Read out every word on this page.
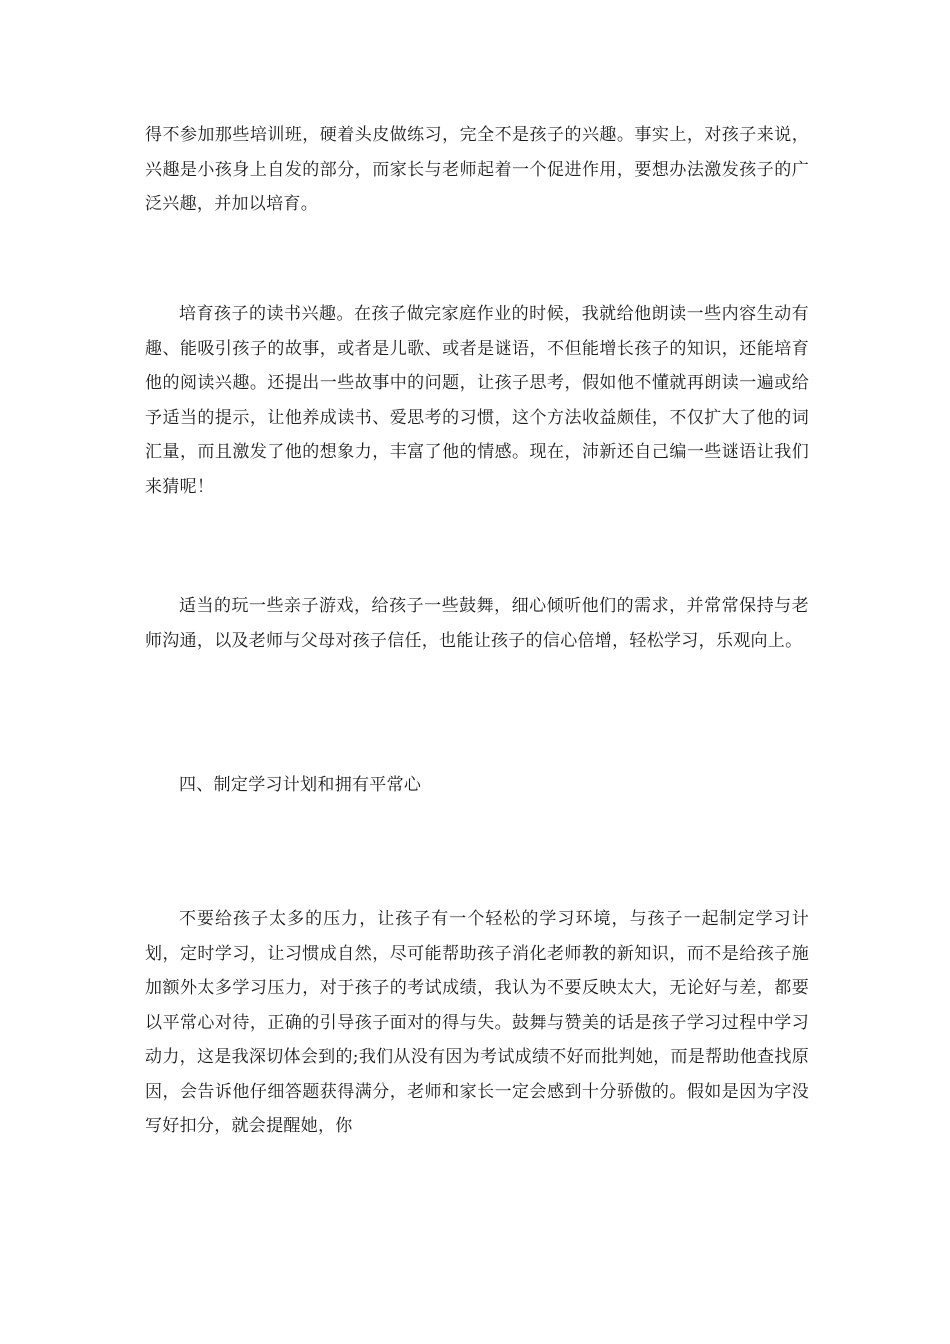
得不参加那些培训班，硬着头皮做练习，完全不是孩子的兴趣。事实上，对孩子来说，兴趣是小孩身上自发的部分，而家长与老师起着一个促进作用，要想办法激发孩子的广泛兴趣，并加以培育。

培育孩子的读书兴趣。在孩子做完家庭作业的时候，我就给他朗读一些内容生动有趣、能吸引孩子的故事，或者是儿歌、或者是谜语，不但能增长孩子的知识，还能培育他的阅读兴趣。还提出一些故事中的问题，让孩子思考，假如他不懂就再朗读一遍或给予适当的提示，让他养成读书、爱思考的习惯，这个方法收益颇佳，不仅扩大了他的词汇量，而且激发了他的想象力，丰富了他的情感。现在，沛新还自己编一些谜语让我们来猜呢！

适当的玩一些亲子游戏，给孩子一些鼓舞，细心倾听他们的需求，并常常保持与老师沟通，以及老师与父母对孩子信任，也能让孩子的信心倍增，轻松学习，乐观向上。

四、制定学习计划和拥有平常心

不要给孩子太多的压力，让孩子有一个轻松的学习环境，与孩子一起制定学习计划，定时学习，让习惯成自然，尽可能帮助孩子消化老师教的新知识，而不是给孩子施加额外太多学习压力，对于孩子的考试成绩，我认为不要反映太大，无论好与差，都要以平常心对待，正确的引导孩子面对的得与失。鼓舞与赞美的话是孩子学习过程中学习动力，这是我深切体会到的;我们从没有因为考试成绩不好而批判她，而是帮助他查找原因，会告诉他仔细答题获得满分，老师和家长一定会感到十分骄傲的。假如是因为字没写好扣分，就会提醒她，你
